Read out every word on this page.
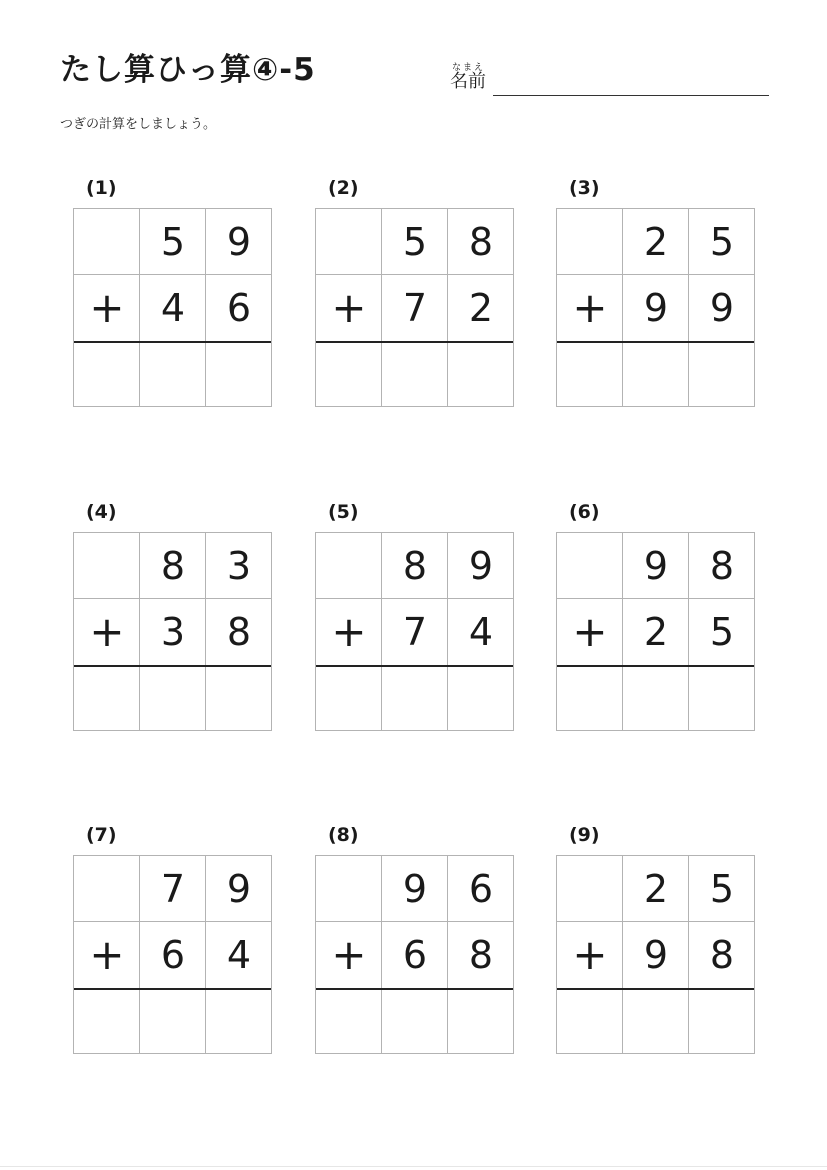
たし算ひっ算④-5	なまえ
名前
つぎの計算をしましょう。
(1)
5	9
+ 4	6
(2)
5	8
+ 7	2
(3)
2	5
+ 9	9
(4)
8	3
+ 3	8
(5)
8	9
+ 7	4
(6)
9	8
+ 2	5
(7)
7	9
+ 6	4
(8)
9	6
+ 6	8
(9)
2	5
+ 9	8
